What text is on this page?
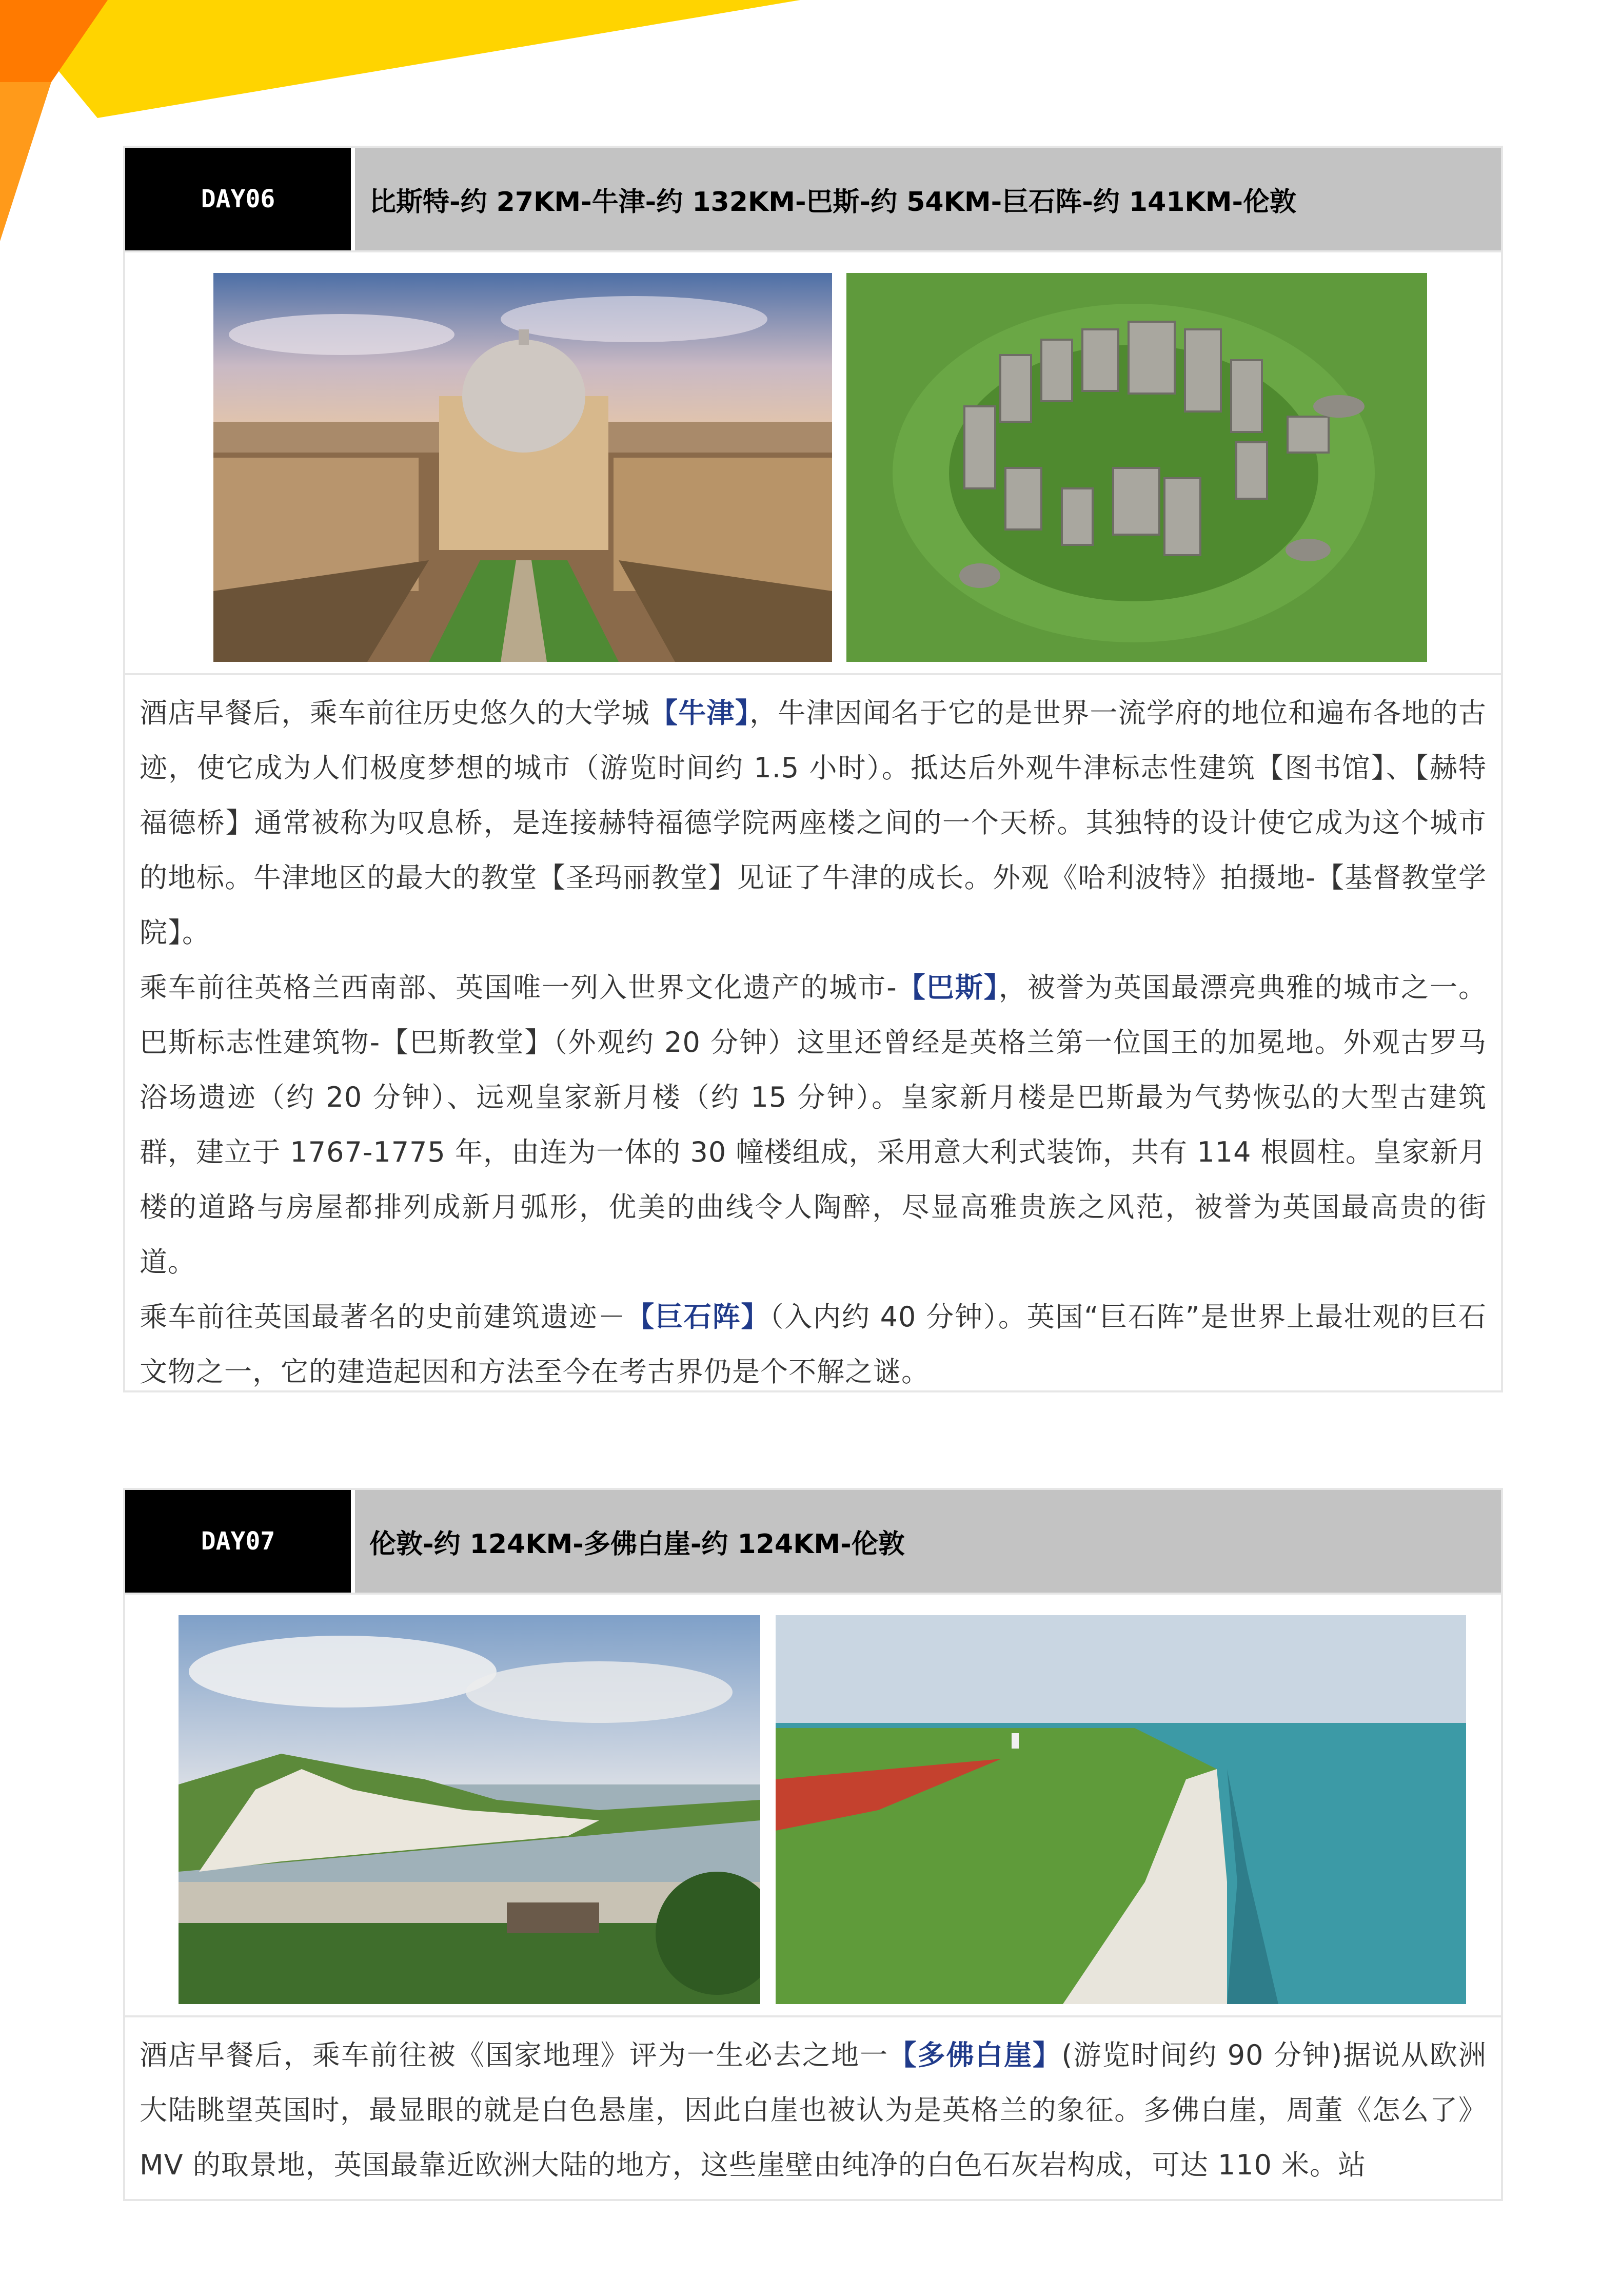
DAY06	比斯特-约 27KM-牛津-约 132KM-巴斯-约 54KM-巨石阵-约 141KM-伦敦

酒店早餐后，乘车前往历史悠久的大学城【牛津】，牛津因闻名于它的是世界一流学府的地位和遍布各地的古迹，使它成为人们极度梦想的城市（游览时间约 1.5 小时）。抵达后外观牛津标志性建筑【图书馆】、【赫特福德桥】通常被称为叹息桥，是连接赫特福德学院两座楼之间的一个天桥。其独特的设计使它成为这个城市的地标。牛津地区的最大的教堂【圣玛丽教堂】见证了牛津的成长。外观《哈利波特》拍摄地-【基督教堂学院】。

乘车前往英格兰西南部、英国唯一列入世界文化遗产的城市-【巴斯】，被誉为英国最漂亮典雅的城市之一。巴斯标志性建筑物-【巴斯教堂】（外观约 20 分钟）这里还曾经是英格兰第一位国王的加冕地。外观古罗马浴场遗迹（约 20 分钟）、远观皇家新月楼（约 15 分钟）。皇家新月楼是巴斯最为气势恢弘的大型古建筑群，建立于 1767-1775 年，由连为一体的 30 幢楼组成，采用意大利式装饰，共有 114 根圆柱。皇家新月楼的道路与房屋都排列成新月弧形，优美的曲线令人陶醉，尽显高雅贵族之风范，被誉为英国最高贵的街道。

乘车前往英国最著名的史前建筑遗迹－【巨石阵】（入内约 40 分钟）。英国“巨石阵”是世界上最壮观的巨石文物之一，它的建造起因和方法至今在考古界仍是个不解之谜。

DAY07	伦敦-约 124KM-多佛白崖-约 124KM-伦敦

酒店早餐后，乘车前往被《国家地理》评为一生必去之地一【多佛白崖】(游览时间约 90 分钟)据说从欧洲大陆眺望英国时，最显眼的就是白色悬崖，因此白崖也被认为是英格兰的象征。多佛白崖，周董《怎么了》MV 的取景地，英国最靠近欧洲大陆的地方，这些崖壁由纯净的白色石灰岩构成，可达 110 米。站
